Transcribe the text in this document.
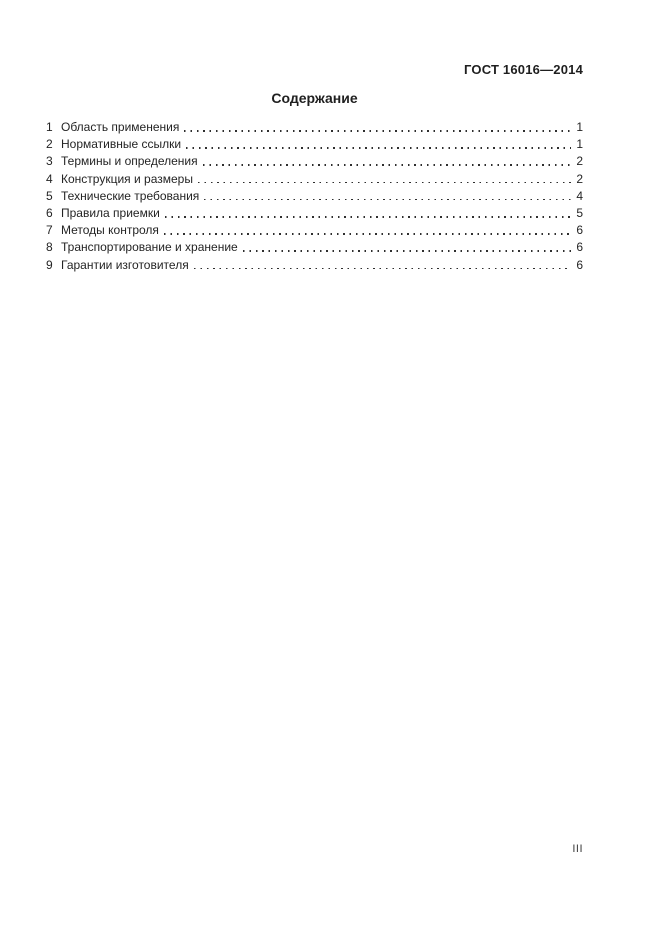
ГОСТ 16016—2014
Содержание
1 Область применения	1
2 Нормативные ссылки	1
3 Термины и определения	2
4 Конструкция и размеры	2
5 Технические требования	4
6 Правила приемки	5
7 Методы контроля	6
8 Транспортирование и хранение	6
9 Гарантии изготовителя	6
III
